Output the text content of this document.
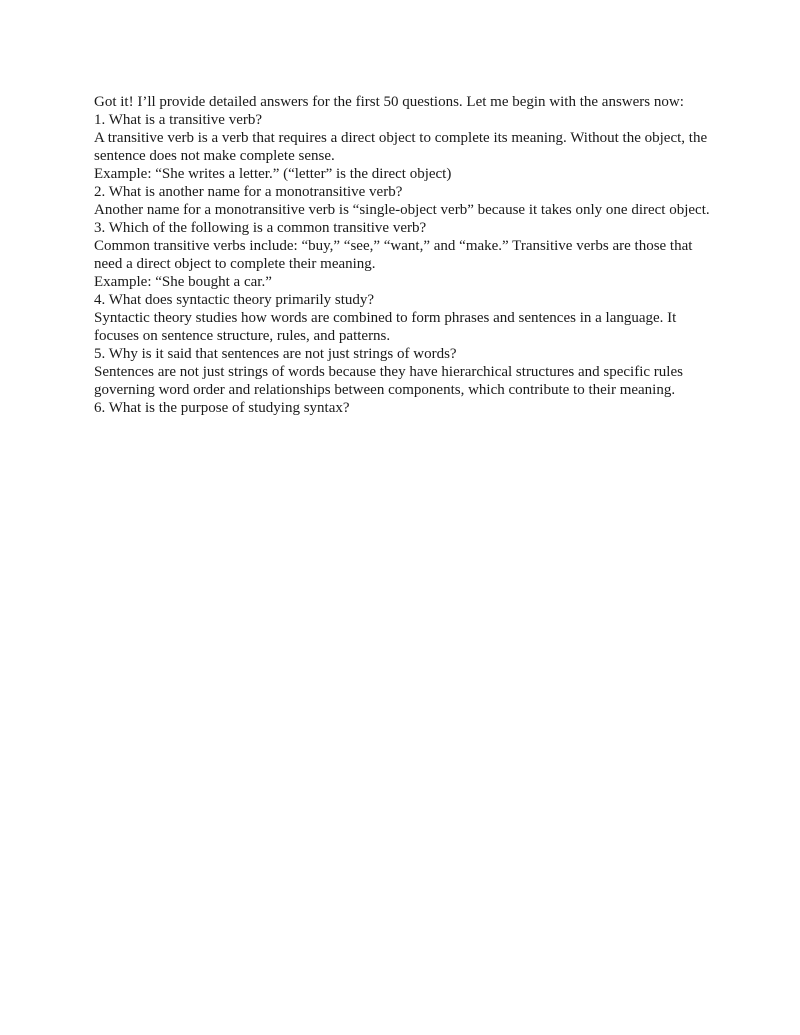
Got it! I’ll provide detailed answers for the first 50 questions. Let me begin with the answers now:

1. What is a transitive verb?

A transitive verb is a verb that requires a direct object to complete its meaning. Without the object, the sentence does not make complete sense.

Example: “She writes a letter.” (“letter” is the direct object)

2. What is another name for a monotransitive verb?

Another name for a monotransitive verb is “single-object verb” because it takes only one direct object.

3. Which of the following is a common transitive verb?

Common transitive verbs include: “buy,” “see,” “want,” and “make.” Transitive verbs are those that need a direct object to complete their meaning.

Example: “She bought a car.”

4. What does syntactic theory primarily study?

Syntactic theory studies how words are combined to form phrases and sentences in a language. It focuses on sentence structure, rules, and patterns.

5. Why is it said that sentences are not just strings of words?

Sentences are not just strings of words because they have hierarchical structures and specific rules governing word order and relationships between components, which contribute to their meaning.

6. What is the purpose of studying syntax?
